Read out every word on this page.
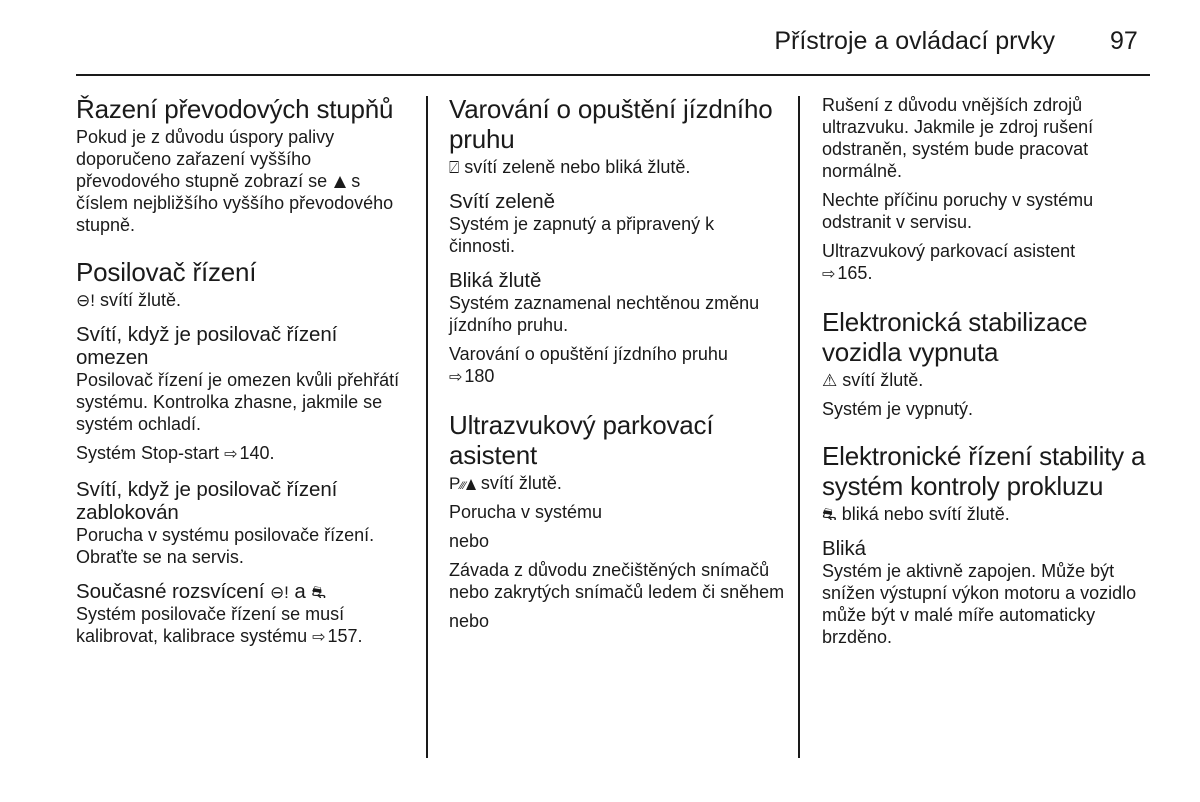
Přístroje a ovládací prvky 97
Řazení převodových stupňů

Pokud je z důvodu úspory palivy doporučeno zařazení vyššího převodového stupně zobrazí se s číslem nejbližšího vyššího převodového stupně.

Posilovač řízení

⊖! svítí žlutě.

Svítí, když je posilovač řízení omezen

Posilovač řízení je omezen kvůli přehřátí systému. Kontrolka zhasne, jakmile se systém ochladí.

Systém Stop-start ⇨ 140.

Svítí, když je posilovač řízení zablokován

Porucha v systému posilovače řízení. Obraťte se na servis.

Současné rozsvícení ⊖! a ⛐

Systém posilovače řízení se musí kalibrovat, kalibrace systému ⇨ 157.

Varování o opuštění jízdního pruhu

⍁ svítí zeleně nebo bliká žlutě.

Svítí zeleně

Systém je zapnutý a připravený k činnosti.

Bliká žlutě

Systém zaznamenal nechtěnou změnu jízdního pruhu.

Varování o opuštění jízdního pruhu
⇨ 180

Ultrazvukový parkovací asistent

P⁄⁄⁄ svítí žlutě.

Porucha v systému

nebo

Závada z důvodu znečištěných snímačů nebo zakrytých snímačů ledem či sněhem

nebo

Rušení z důvodu vnějších zdrojů ultrazvuku. Jakmile je zdroj rušení odstraněn, systém bude pracovat normálně.

Nechte příčinu poruchy v systému odstranit v servisu.

Ultrazvukový parkovací asistent
⇨ 165.

Elektronická stabilizace vozidla vypnuta

⚠ svítí žlutě.

Systém je vypnutý.

Elektronické řízení stability a systém kontroly prokluzu

⛐ bliká nebo svítí žlutě.

Bliká

Systém je aktivně zapojen. Může být snížen výstupní výkon motoru a vozidlo může být v malé míře automaticky brzděno.
